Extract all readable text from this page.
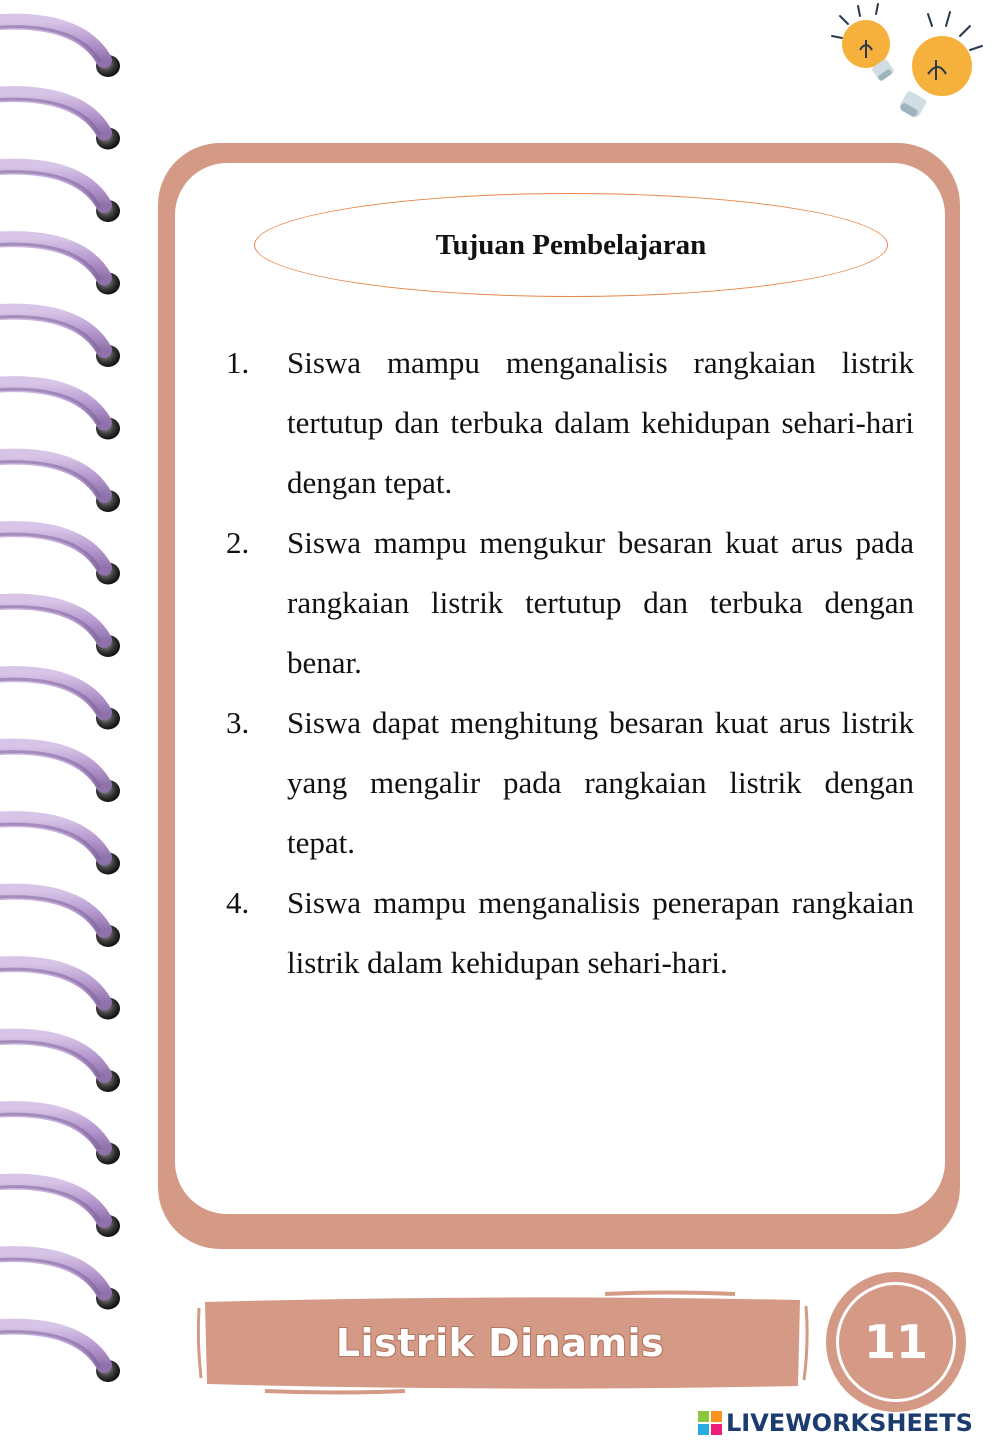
Tujuan Pembelajaran
1. Siswa mampu menganalisis rangkaian listrik tertutup dan terbuka dalam kehidupan sehari-hari dengan tepat.
2. Siswa mampu mengukur besaran kuat arus pada rangkaian listrik tertutup dan terbuka dengan benar.
3. Siswa dapat menghitung besaran kuat arus listrik yang mengalir pada rangkaian listrik dengan tepat.
4. Siswa mampu menganalisis penerapan rangkaian listrik dalam kehidupan sehari-hari.
Listrik Dinamis	11
LIVEWORKSHEETS
